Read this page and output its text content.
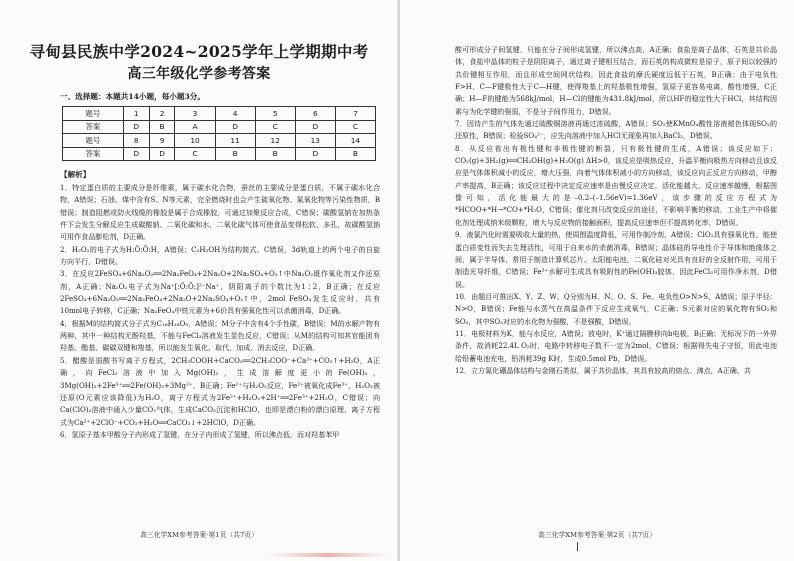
寻甸县民族中学2024~2025学年上学期期中考
高三年级化学参考答案
一、选择题：本题共14小题，每小题3分。
题号	1	2	3	4	5	6	7
答案	D	B	A	D	C	D	C
题号	8	9	10	11	12	13	14
答案	D	D	C	B	B	D	B
【解析】

1．特定蛋白质的主要成分是纤维素，属于碳水化合物，蚕丝的主要成分是蛋白质，不属于碳水化合物，A错误；石油、煤中含有S、N等元素，完全燃烧时也会产生硫氧化物、氮氧化物等污染性物质，B错误；制造阻燃或防火线缆的橡胶是属于合成橡胶，可通过加聚反应合成，C错误；碳酸氢钠在加热条件下会发生分解反应生成碳酸钠、二氧化碳和水，二氧化碳气体可使食品变得松软、多孔，故碳酸氢钠可用作食品膨松剂，D正确。

2．H₂O₂的电子式为H:Ö:Ö:H，A错误；C₂H₅OH为结构简式，C错误，3d轨道上的两个电子的自旋方向平行，D错误。

3．在反应2FeSO₄+6Na₂O₂══2Na₂FeO₄+2Na₂O+2Na₂SO₄+O₂↑中Na₂O₂既作氧化剂又作还原剂，A正确；Na₂O₂电子式为Na⁺[:Ö:Ö:]²⁻Na⁺，阴阳离子的个数比为1∶2，B正确；在反应2FeSO₄+6Na₂O₂══2Na₂FeO₄+2Na₂O+2Na₂SO₄+O₂↑中，2mol FeSO₄发生反应时，共有10mol电子转移，C正确；Na₂FeO₄中铁元素为+6价具有强氧化性可以杀菌消毒，D正确。

4．根据M的结构简式分子式为C₁₆H₁₈O₉，A错误；M分子中含有4个手性碳，B错误；M的水解产物有两种，其中一种结构无酚羟基，不能与FeCl₃溶液发生显色反应，C错误；从M的结构可知其官能团有羟基、酯基、碳碳双键和羧基，所以能发生氧化、取代、加成、消去反应，D正确。

5．醋酸是弱酸书写离子方程式，2CH₃COOH+CaCO₃══2CH₃COO⁻+Ca²⁺+CO₂↑+H₂O，A正确，向FeCl₃溶液中加入Mg(OH)₂，生成溶解度更小的Fe(OH)₃，3Mg(OH)₂+2Fe³⁺══2Fe(OH)₃+3Mg²⁺，B正确；Fe²⁺与H₂O₂反应，Fe²⁺被氧化成Fe³⁺，H₂O₂被还原(O元素应该降低)为H₂O，离子方程式为2Fe²⁺+H₂O₂+2H⁺══2Fe³⁺+2H₂O，C错误；向Ca(ClO)₂溶液中通入少量CO₂气体，生成CaCO₃沉淀和HClO，也即是漂白粉的漂白原理，离子方程式为Ca²⁺+2ClO⁻+CO₂+H₂O══CaCO₃↓+2HClO，D正确。

6．氢原子基本甲酸分子内形成了氢键，在分子内形成了氢键，所以沸点低，而对羟基苯甲

高三化学XM参考答案·第1页（共7页）

酸可形成分子间氢键，只能在分子间形成氢键，所以沸点高，A正确；食盐是离子晶体，石英是共价晶体，食盐中晶体的粒子是阴阳离子，通过离子键相互结合，而石英的构成微粒是原子，原子间以较强的共价键相互作用，而且形成空间网状结构，因此食盐的摩氏硬度远低于石英，B正确；由于电负性F>H，C—F键极性大于C—H键，使得羧基上的羟基极性增强，氢原子更容易电离，酸性增强，C正确；H—F的键能为568kJ/mol，H—Cl的键能为431.8kJ/mol，所以HF的稳定性大于HCl，其结构因素与为化学键的强弱，不是分子间作用力，D错误。

7．因待产生的气体先通过硫酸铜溶液再通过浓硫酸，A错误；SO₂使KMnO₄酸性溶液褪色体现SO₂的还原性，B错误；检验SO₄²⁻，应先向溶液中加入HCl无现象再加入BaCl₂，D错误。

8．从反应看出有极性键和非极性键的断裂，只有极性键的生成，A错误；该反应如下：CO₂(g)+3H₂(g)══CH₃OH(g)+H₂O(g) ΔH>0，该反应是吸热反应，升温平衡向吸热方向移动且该反应是气体体积减小的反应，增大压强，向着气体体积减小的方向移动，该反应向正反应方向移动，甲醇产率提高，B正确；该反应过程中决定反应速率是由慢反应决定，活化能越大，反应速率越慢，根据图像可知，活化能最大的是–0.2–(–1.56eV)=1.36eV，该步骤的反应方程式为*HCOO+*H→*CO+*H₂O，C错误；催化剂只改变反应的途径，不影响平衡的移动，工业生产中将催化剂处理成纳米级颗粒，增大与反应物的接触面积，提高反应速率但不提高转化率，D错误。

9．液氯汽化时需要吸收大量的热，使周围温度降低，可用作制冷剂，A错误；ClO₂具有强氧化性，能使蛋白质变性而失去生理活性，可用于自来水的杀菌消毒，B错误；晶体硅的导电性介于导体和绝缘体之间，属于半导体，常用于制造计算机芯片、太阳能电池，二氧化硅对光具有良好的全反射作用，可用于制造光导纤维，C错误；Fe³⁺水解可生成具有吸附性的Fe(OH)₃胶体，因此FeCl₃可用作净水剂，D错误。

10．由题目可推出X、Y、Z、W、Q分别为H、N、O、S、Fe。电负性O>N>S，A错误；原子半径：N>O，B错误；Fe能与水蒸气在高温条件下反应生成氧气，C正确；S元素对应的氧化物有SO₂和SO₃，其中SO₃对应的水化物为强酸，不是强酸，D错误。

11．电极材料为K，能与水反应，A错误；放电时，K⁺通过隔膜移向b电极，B正确；无标况下的一外界条件，故消耗22.4L O₂时，电路中转移电子数不一定为2mol，C错误；根据得失电子守恒，用此电池给铅蓄电池充电，铅消耗39g K时，生成0.5mol Pb，D错误。

12．立方氮化硼晶体结构与金刚石类似，属于共价晶体，其具有较高的熔点、沸点，A正确、共

高三化学XM参考答案·第2页（共7页）
